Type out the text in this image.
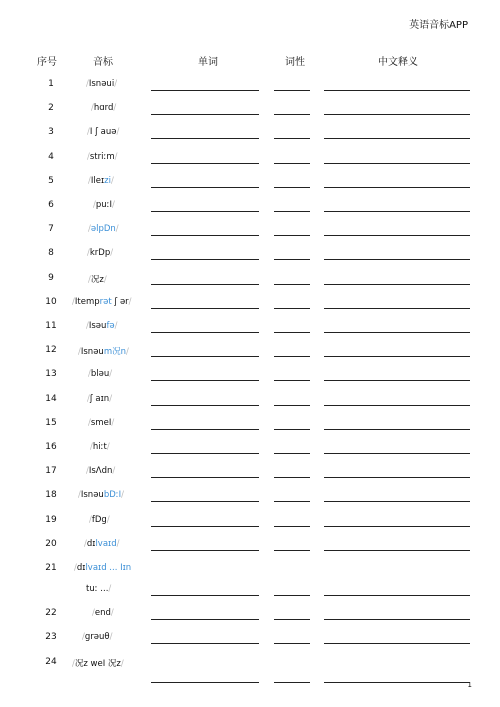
英语音标APP
序号	音标	单词	词性	中文释义
1	/Isnəui/
2	/hɑrd/
3	/I ʃ auə/
4	/striːm/
5	/Ileɪzi/
6	/puːI/
7	/əlpDn/
8	/krDp/
9	/况z/
10	/Itemprət ʃ ər/
11	/Isəufə/
12	/Isnəum况n/
13	/bləu/
14	/ʃ aɪn/
15	/smeI/
16	/hiːt/
17	/IsΛdn/
18	/IsnəubDːI/
19	/fDg/
20	/dɪlvaɪd/
21	/dɪlvaɪd ... Iɪn
tuː .../
22	/end/
23	/grəuθ/
24	/况z weI 况z/
1
